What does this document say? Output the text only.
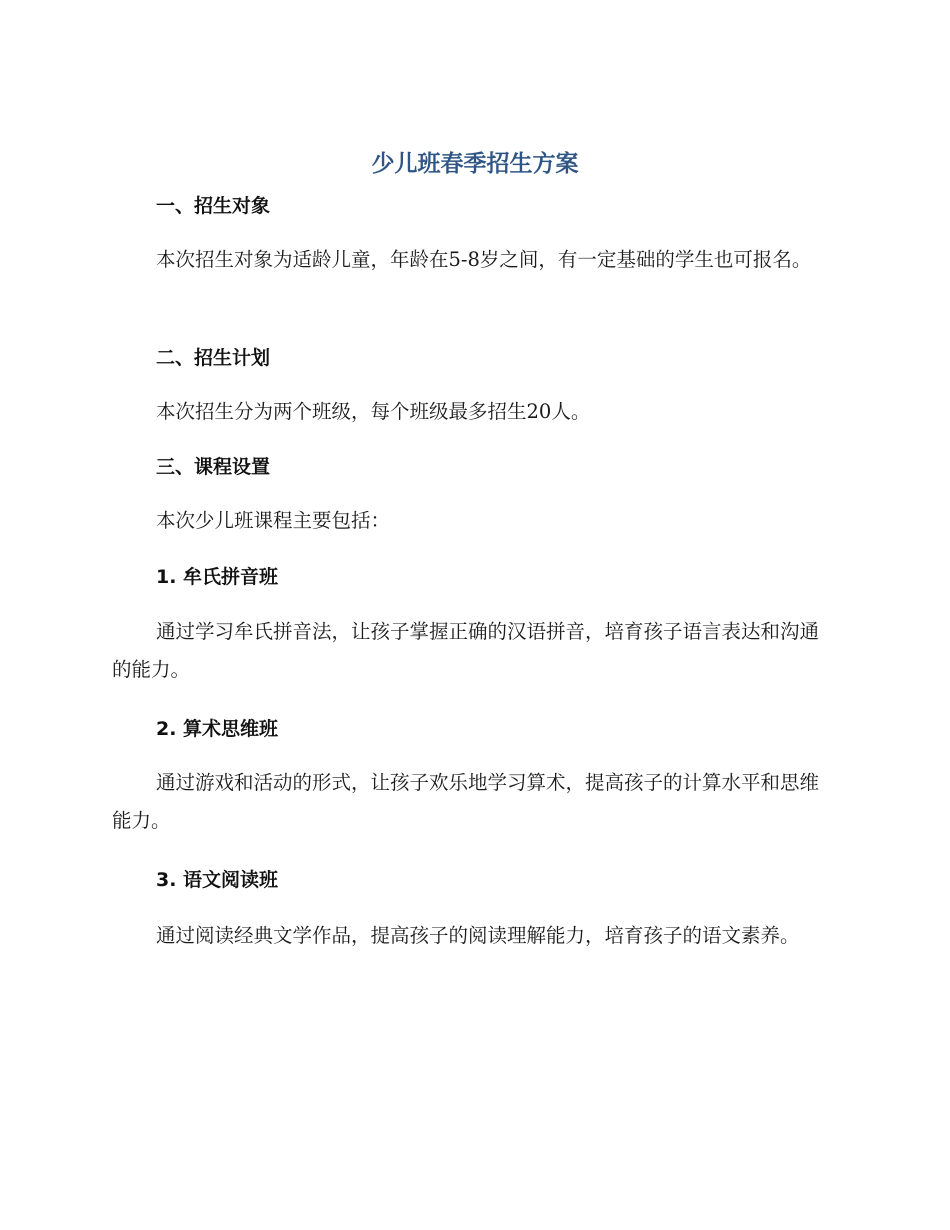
少儿班春季招生方案
一、招生对象

本次招生对象为适龄儿童，年龄在5-8岁之间，有一定基础的学生也可报名。

二、招生计划

本次招生分为两个班级，每个班级最多招生20人。

三、课程设置

本次少儿班课程主要包括：

1. 牟氏拼音班

通过学习牟氏拼音法，让孩子掌握正确的汉语拼音，培育孩子语言表达和沟通的能力。

2. 算术思维班

通过游戏和活动的形式，让孩子欢乐地学习算术，提高孩子的计算水平和思维能力。

3. 语文阅读班

通过阅读经典文学作品，提高孩子的阅读理解能力，培育孩子的语文素养。
